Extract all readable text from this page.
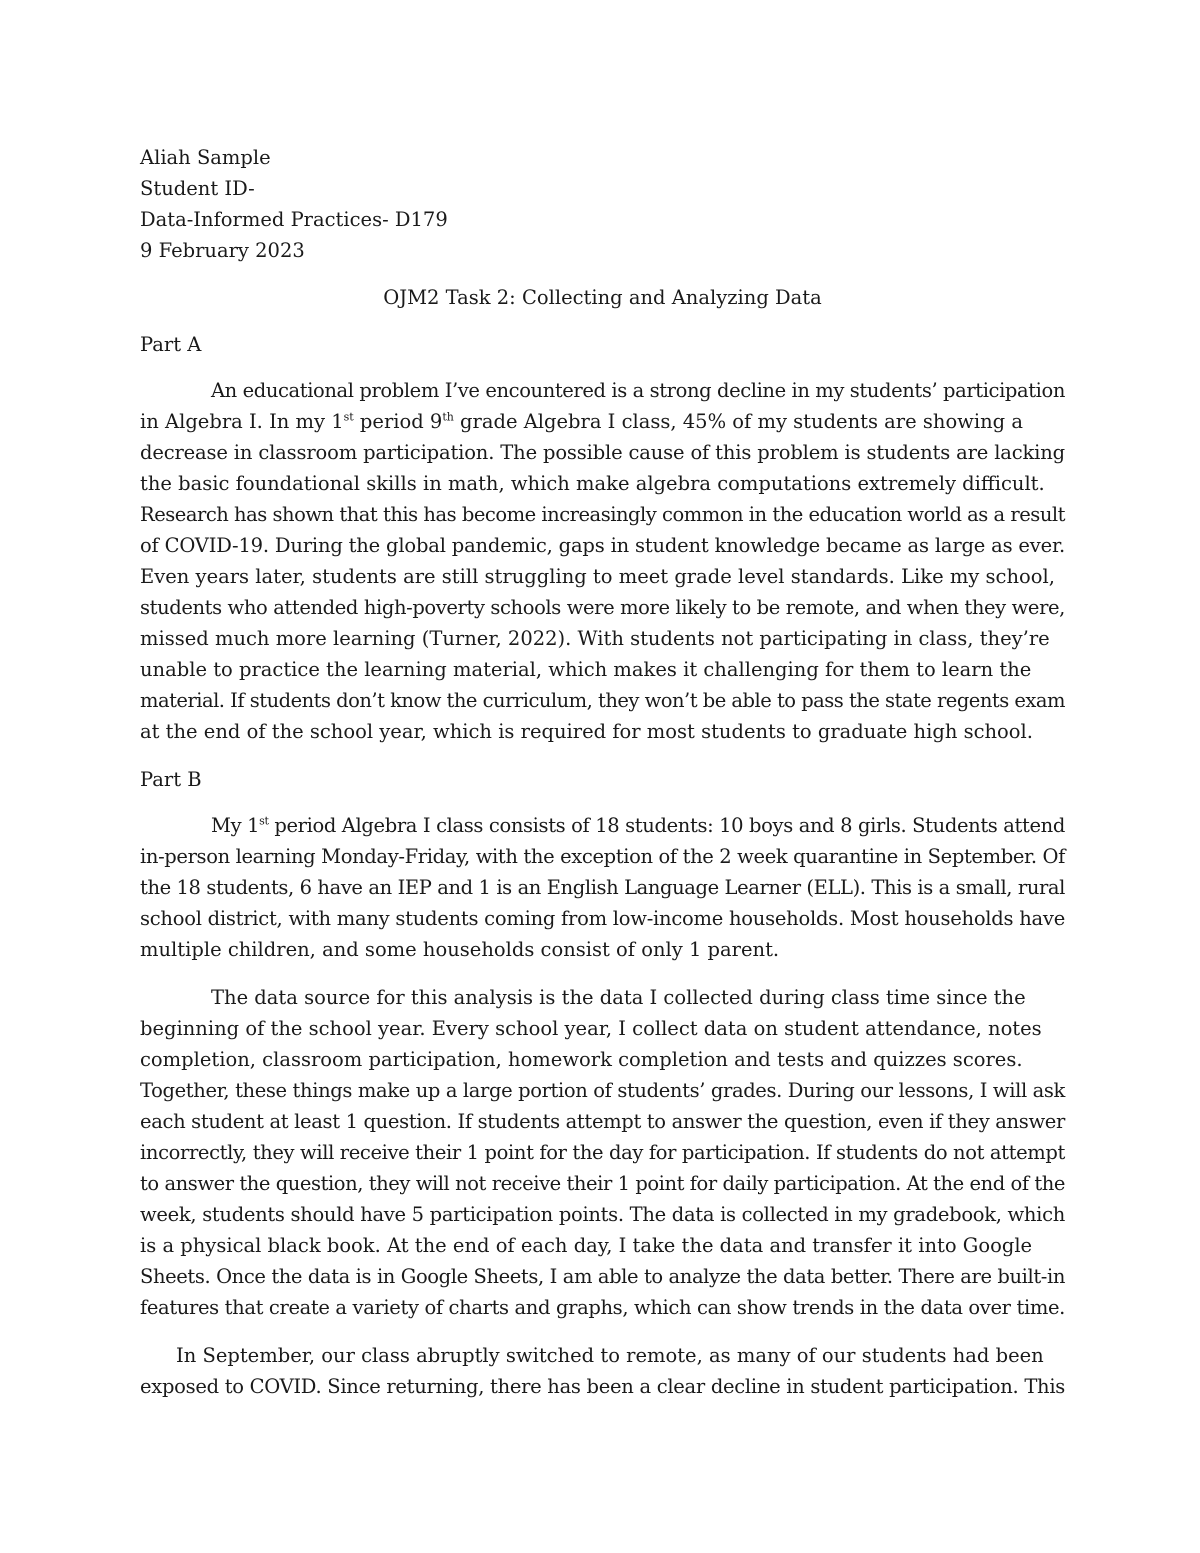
Aliah Sample
Student ID-
Data-Informed Practices- D179
9 February 2023
OJM2 Task 2: Collecting and Analyzing Data
Part A
An educational problem I’ve encountered is a strong decline in my students’ participation
in Algebra I. In my 1st period 9th grade Algebra I class, 45% of my students are showing a
decrease in classroom participation. The possible cause of this problem is students are lacking
the basic foundational skills in math, which make algebra computations extremely difficult.
Research has shown that this has become increasingly common in the education world as a result
of COVID-19. During the global pandemic, gaps in student knowledge became as large as ever.
Even years later, students are still struggling to meet grade level standards. Like my school,
students who attended high-poverty schools were more likely to be remote, and when they were,
missed much more learning (Turner, 2022). With students not participating in class, they’re
unable to practice the learning material, which makes it challenging for them to learn the
material. If students don’t know the curriculum, they won’t be able to pass the state regents exam
at the end of the school year, which is required for most students to graduate high school.
Part B
My 1st period Algebra I class consists of 18 students: 10 boys and 8 girls. Students attend
in-person learning Monday-Friday, with the exception of the 2 week quarantine in September. Of
the 18 students, 6 have an IEP and 1 is an English Language Learner (ELL). This is a small, rural
school district, with many students coming from low-income households. Most households have
multiple children, and some households consist of only 1 parent.
The data source for this analysis is the data I collected during class time since the
beginning of the school year. Every school year, I collect data on student attendance, notes
completion, classroom participation, homework completion and tests and quizzes scores.
Together, these things make up a large portion of students’ grades. During our lessons, I will ask
each student at least 1 question. If students attempt to answer the question, even if they answer
incorrectly, they will receive their 1 point for the day for participation. If students do not attempt
to answer the question, they will not receive their 1 point for daily participation. At the end of the
week, students should have 5 participation points. The data is collected in my gradebook, which
is a physical black book. At the end of each day, I take the data and transfer it into Google
Sheets. Once the data is in Google Sheets, I am able to analyze the data better. There are built-in
features that create a variety of charts and graphs, which can show trends in the data over time.
In September, our class abruptly switched to remote, as many of our students had been
exposed to COVID. Since returning, there has been a clear decline in student participation. This
